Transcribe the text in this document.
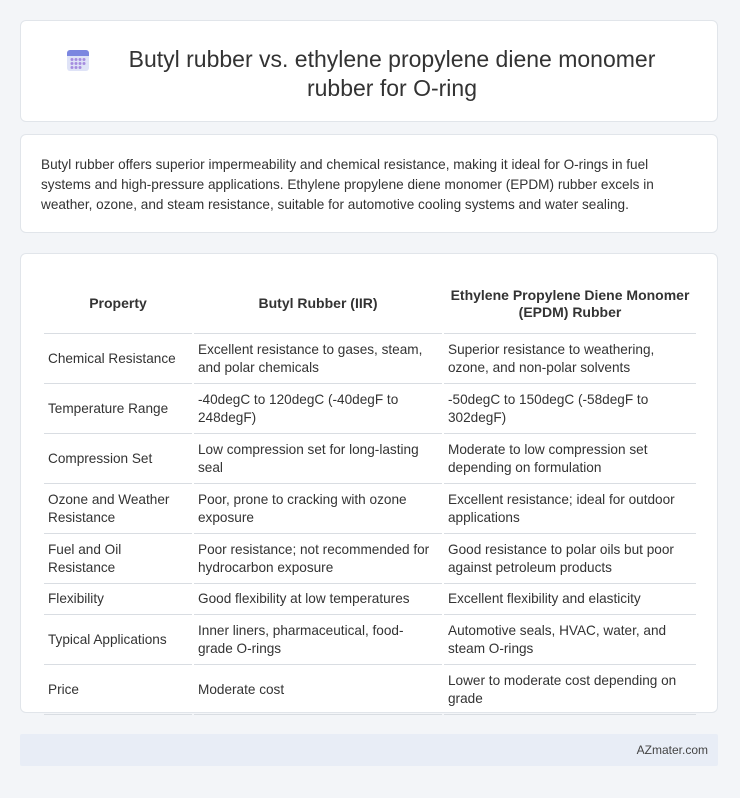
Butyl rubber vs. ethylene propylene diene monomer rubber for O-ring
Butyl rubber offers superior impermeability and chemical resistance, making it ideal for O-rings in fuel systems and high-pressure applications. Ethylene propylene diene monomer (EPDM) rubber excels in weather, ozone, and steam resistance, suitable for automotive cooling systems and water sealing.
Property	Butyl Rubber (IIR)	Ethylene Propylene Diene Monomer (EPDM) Rubber
Chemical Resistance	Excellent resistance to gases, steam, and polar chemicals	Superior resistance to weathering, ozone, and non-polar solvents
Temperature Range	-40degC to 120degC (-40degF to 248degF)	-50degC to 150degC (-58degF to 302degF)
Compression Set	Low compression set for long-lasting seal	Moderate to low compression set depending on formulation
Ozone and Weather Resistance	Poor, prone to cracking with ozone exposure	Excellent resistance; ideal for outdoor applications
Fuel and Oil Resistance	Poor resistance; not recommended for hydrocarbon exposure	Good resistance to polar oils but poor against petroleum products
Flexibility	Good flexibility at low temperatures	Excellent flexibility and elasticity
Typical Applications	Inner liners, pharmaceutical, food-grade O-rings	Automotive seals, HVAC, water, and steam O-rings
Price	Moderate cost	Lower to moderate cost depending on grade
AZmater.com
